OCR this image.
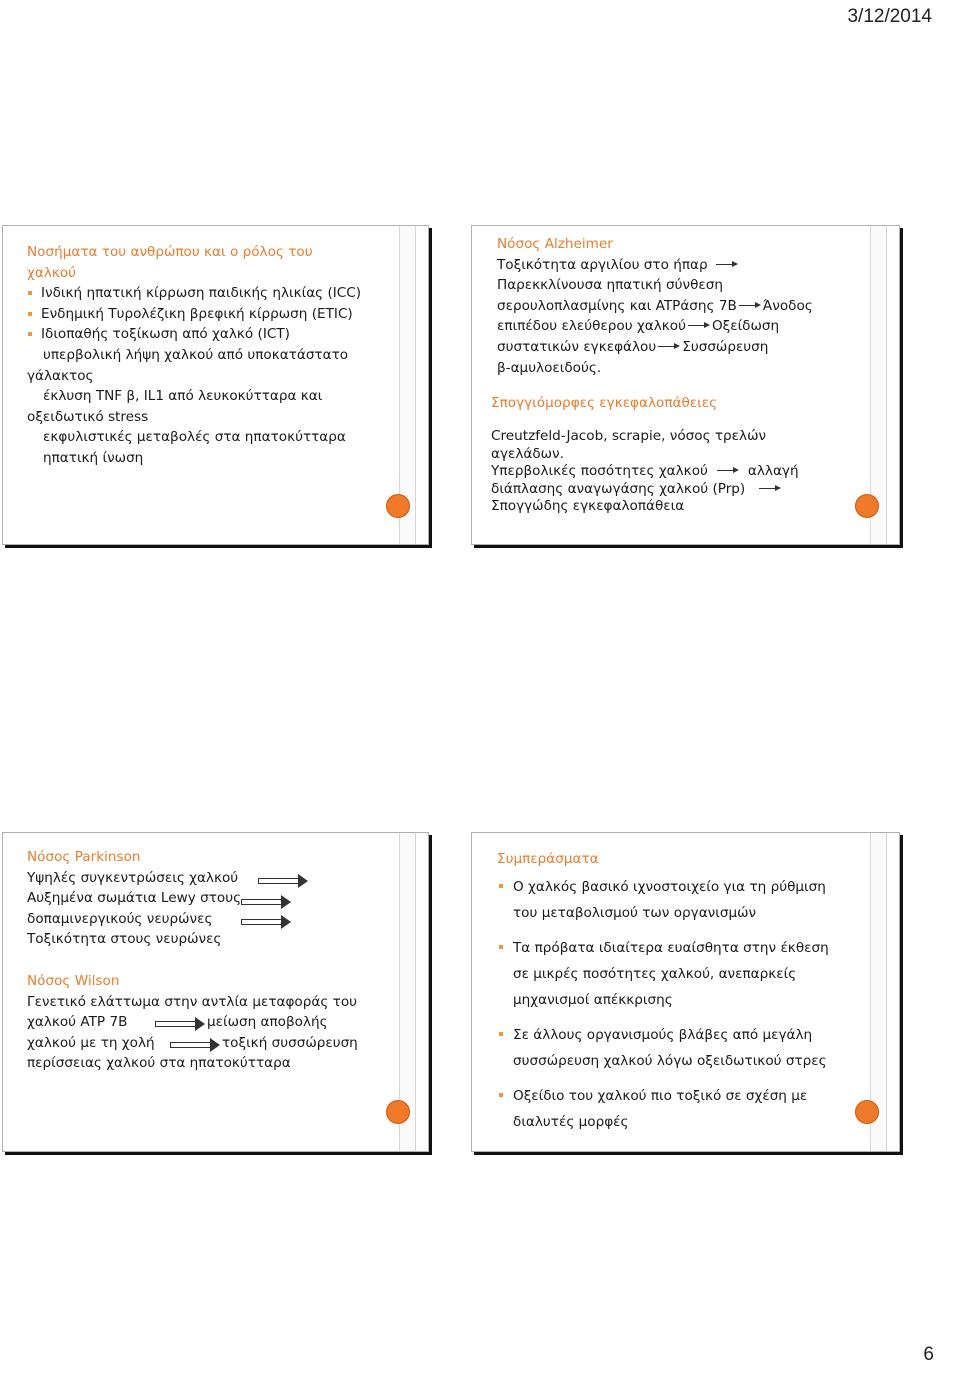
3/12/2014
Νοσήματα του ανθρώπου και ο ρόλος του
χαλκού
Ινδική ηπατική κίρρωση παιδικής ηλικίας (ICC)
Ενδημική Τυρολέζικη βρεφική κίρρωση (ETIC)
Ιδιοπαθής τοξίκωση από χαλκό (ICT)
υπερβολική λήψη χαλκού από υποκατάστατο
γάλακτος
έκλυση TNF β, IL1 από λευκοκύτταρα και
οξειδωτικό stress
εκφυλιστικές μεταβολές στα ηπατοκύτταρα
ηπατική ίνωση
Νόσος Alzheimer
Τοξικότητα αργιλίου στο ήπαρ
Παρεκκλίνουσα ηπατική σύνθεση
σερουλοπλασμίνης και ATPάσης 7B Άνοδος
επιπέδου ελεύθερου χαλκού Οξείδωση
συστατικών εγκεφάλου Συσσώρευση
β-αμυλοειδούς.
Σπογγιόμορφες εγκεφαλοπάθειες
Creutzfeld-Jacob, scrapie, νόσος τρελών
αγελάδων.
Υπερβολικές ποσότητες χαλκού	αλλαγή
διάπλασης αναγωγάσης χαλκού (Prp)
Σπογγώδης εγκεφαλοπάθεια
Νόσος Parkinson
Υψηλές συγκεντρώσεις χαλκού
Αυξημένα σωμάτια Lewy στους
δοπαμινεργικούς νευρώνες
Τοξικότητα στους νευρώνες
Νόσος Wilson
Γενετικό ελάττωμα στην αντλία μεταφοράς του
χαλκού ATP 7B	μείωση αποβολής
χαλκού με τη χολή	τοξική συσσώρευση
περίσσειας χαλκού στα ηπατοκύτταρα
Συμπεράσματα
Ο χαλκός βασικό ιχνοστοιχείο για τη ρύθμιση
του μεταβολισμού των οργανισμών
Τα πρόβατα ιδιαίτερα ευαίσθητα στην έκθεση
σε μικρές ποσότητες χαλκού, ανεπαρκείς
μηχανισμοί απέκκρισης
Σε άλλους οργανισμούς βλάβες από μεγάλη
συσσώρευση χαλκού λόγω οξειδωτικού στρες
Οξείδιο του χαλκού πιο τοξικό σε σχέση με
διαλυτές μορφές
6
